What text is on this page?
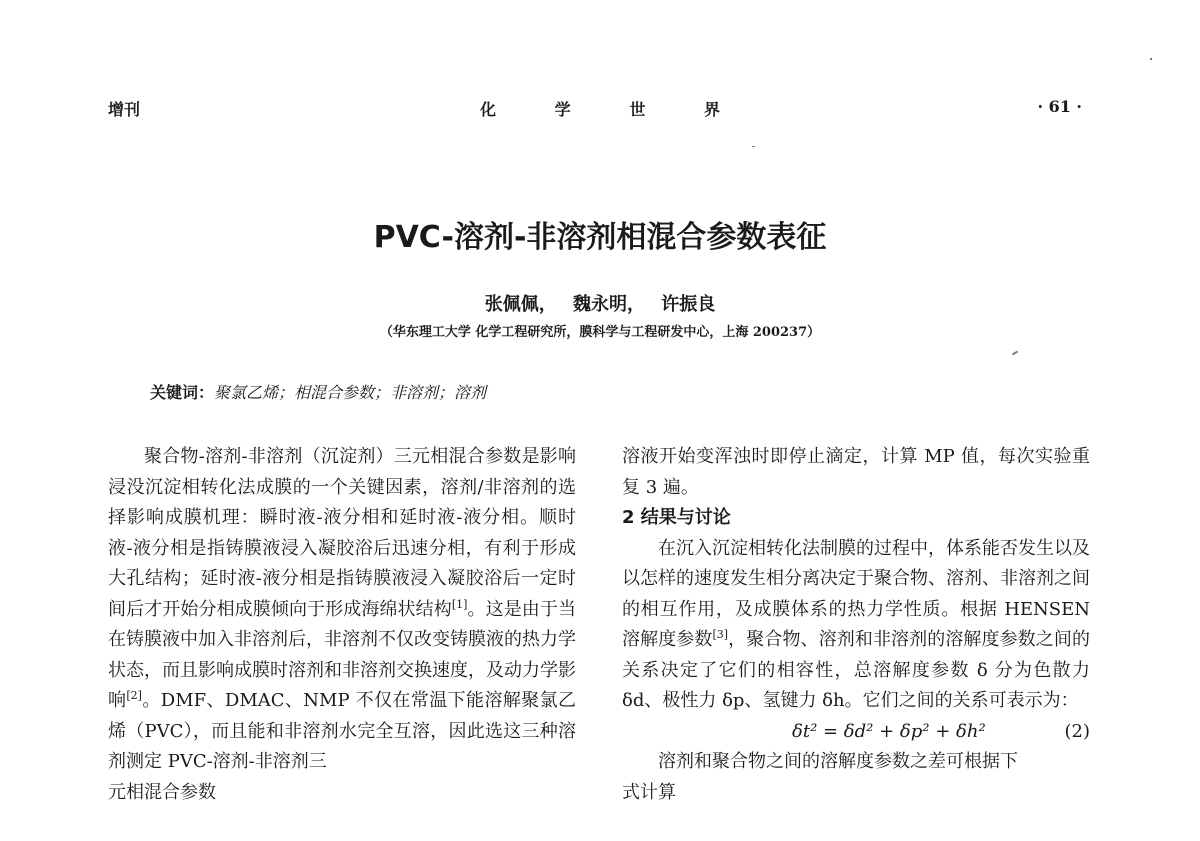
增刊	化	学	世	界	· 61 ·
PVC-溶剂-非溶剂相混合参数表征
张佩佩， 魏永明， 许振良
（华东理工大学 化学工程研究所，膜科学与工程研发中心，上海 200237）
关键词：聚氯乙烯；相混合参数；非溶剂；溶剂

聚合物-溶剂-非溶剂（沉淀剂）三元相混合参数是影响浸没沉淀相转化法成膜的一个关键因素，溶剂/非溶剂的选择影响成膜机理：瞬时液-液分相和延时液-液分相。顺时液-液分相是指铸膜液浸入凝胶浴后迅速分相，有利于形成大孔结构；延时液-液分相是指铸膜液浸入凝胶浴后一定时间后才开始分相成膜倾向于形成海绵状结构[1]。这是由于当在铸膜液中加入非溶剂后，非溶剂不仅改变铸膜液的热力学状态，而且影响成膜时溶剂和非溶剂交换速度，及动力学影响[2]。DMF、DMAC、NMP 不仅在常温下能溶解聚氯乙烯（PVC），而且能和非溶剂水完全互溶，因此选这三种溶剂测定 PVC-溶剂-非溶剂三

元相混合参数

溶液开始变浑浊时即停止滴定，计算 MP 值，每次实验重复 3 遍。

2 结果与讨论

在沉入沉淀相转化法制膜的过程中，体系能否发生以及以怎样的速度发生相分离决定于聚合物、溶剂、非溶剂之间的相互作用，及成膜体系的热力学性质。根据 HENSEN 溶解度参数[3]，聚合物、溶剂和非溶剂的溶解度参数之间的关系决定了它们的相容性，总溶解度参数 δ 分为色散力 δd、极性力 δp、氢键力 δh。它们之间的关系可表示为：

δt² = δd² + δp² + δh²	(2)

溶剂和聚合物之间的溶解度参数之差可根据下

式计算
